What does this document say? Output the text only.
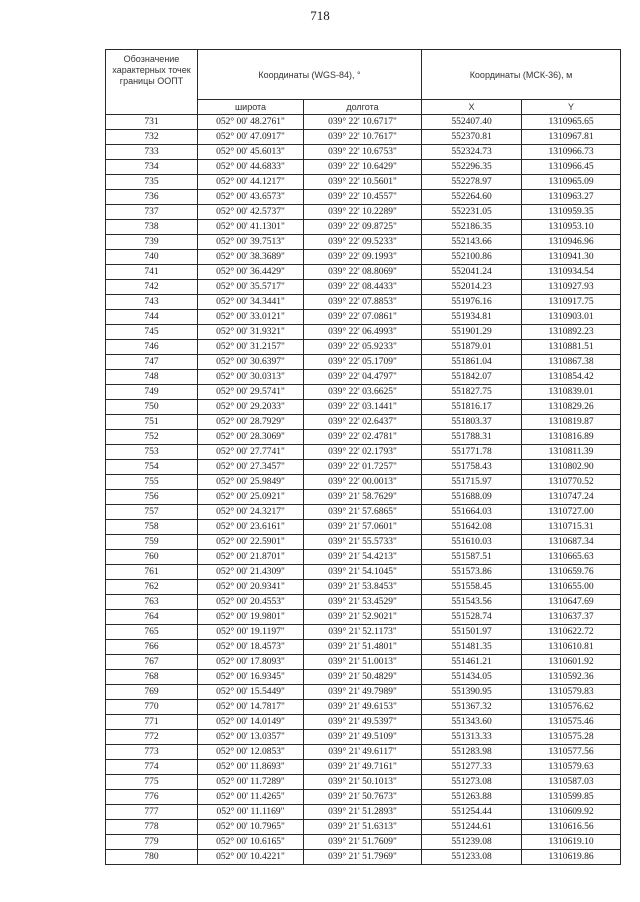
718
Обозначение характерных точек границы ООПТ	Координаты (WGS-84), °		Координаты (МСК-36), м	
	широта	долгота	X	Y
731	052° 00' 48.2761"	039° 22' 10.6717"	552407.40	1310965.65
732	052° 00' 47.0917"	039° 22' 10.7617"	552370.81	1310967.81
733	052° 00' 45.6013"	039° 22' 10.6753"	552324.73	1310966.73
734	052° 00' 44.6833"	039° 22' 10.6429"	552296.35	1310966.45
735	052° 00' 44.1217"	039° 22' 10.5601"	552278.97	1310965.09
736	052° 00' 43.6573"	039° 22' 10.4557"	552264.60	1310963.27
737	052° 00' 42.5737"	039° 22' 10.2289"	552231.05	1310959.35
738	052° 00' 41.1301"	039° 22' 09.8725"	552186.35	1310953.10
739	052° 00' 39.7513"	039° 22' 09.5233"	552143.66	1310946.96
740	052° 00' 38.3689"	039° 22' 09.1993"	552100.86	1310941.30
741	052° 00' 36.4429"	039° 22' 08.8069"	552041.24	1310934.54
742	052° 00' 35.5717"	039° 22' 08.4433"	552014.23	1310927.93
743	052° 00' 34.3441"	039° 22' 07.8853"	551976.16	1310917.75
744	052° 00' 33.0121"	039° 22' 07.0861"	551934.81	1310903.01
745	052° 00' 31.9321"	039° 22' 06.4993"	551901.29	1310892.23
746	052° 00' 31.2157"	039° 22' 05.9233"	551879.01	1310881.51
747	052° 00' 30.6397"	039° 22' 05.1709"	551861.04	1310867.38
748	052° 00' 30.0313"	039° 22' 04.4797"	551842.07	1310854.42
749	052° 00' 29.5741"	039° 22' 03.6625"	551827.75	1310839.01
750	052° 00' 29.2033"	039° 22' 03.1441"	551816.17	1310829.26
751	052° 00' 28.7929"	039° 22' 02.6437"	551803.37	1310819.87
752	052° 00' 28.3069"	039° 22' 02.4781"	551788.31	1310816.89
753	052° 00' 27.7741"	039° 22' 02.1793"	551771.78	1310811.39
754	052° 00' 27.3457"	039° 22' 01.7257"	551758.43	1310802.90
755	052° 00' 25.9849"	039° 22' 00.0013"	551715.97	1310770.52
756	052° 00' 25.0921"	039° 21' 58.7629"	551688.09	1310747.24
757	052° 00' 24.3217"	039° 21' 57.6865"	551664.03	1310727.00
758	052° 00' 23.6161"	039° 21' 57.0601"	551642.08	1310715.31
759	052° 00' 22.5901"	039° 21' 55.5733"	551610.03	1310687.34
760	052° 00' 21.8701"	039° 21' 54.4213"	551587.51	1310665.63
761	052° 00' 21.4309"	039° 21' 54.1045"	551573.86	1310659.76
762	052° 00' 20.9341"	039° 21' 53.8453"	551558.45	1310655.00
763	052° 00' 20.4553"	039° 21' 53.4529"	551543.56	1310647.69
764	052° 00' 19.9801"	039° 21' 52.9021"	551528.74	1310637.37
765	052° 00' 19.1197"	039° 21' 52.1173"	551501.97	1310622.72
766	052° 00' 18.4573"	039° 21' 51.4801"	551481.35	1310610.81
767	052° 00' 17.8093"	039° 21' 51.0013"	551461.21	1310601.92
768	052° 00' 16.9345"	039° 21' 50.4829"	551434.05	1310592.36
769	052° 00' 15.5449"	039° 21' 49.7989"	551390.95	1310579.83
770	052° 00' 14.7817"	039° 21' 49.6153"	551367.32	1310576.62
771	052° 00' 14.0149"	039° 21' 49.5397"	551343.60	1310575.46
772	052° 00' 13.0357"	039° 21' 49.5109"	551313.33	1310575.28
773	052° 00' 12.0853"	039° 21' 49.6117"	551283.98	1310577.56
774	052° 00' 11.8693"	039° 21' 49.7161"	551277.33	1310579.63
775	052° 00' 11.7289"	039° 21' 50.1013"	551273.08	1310587.03
776	052° 00' 11.4265"	039° 21' 50.7673"	551263.88	1310599.85
777	052° 00' 11.1169"	039° 21' 51.2893"	551254.44	1310609.92
778	052° 00' 10.7965"	039° 21' 51.6313"	551244.61	1310616.56
779	052° 00' 10.6165"	039° 21' 51.7609"	551239.08	1310619.10
780	052° 00' 10.4221"	039° 21' 51.7969"	551233.08	1310619.86
